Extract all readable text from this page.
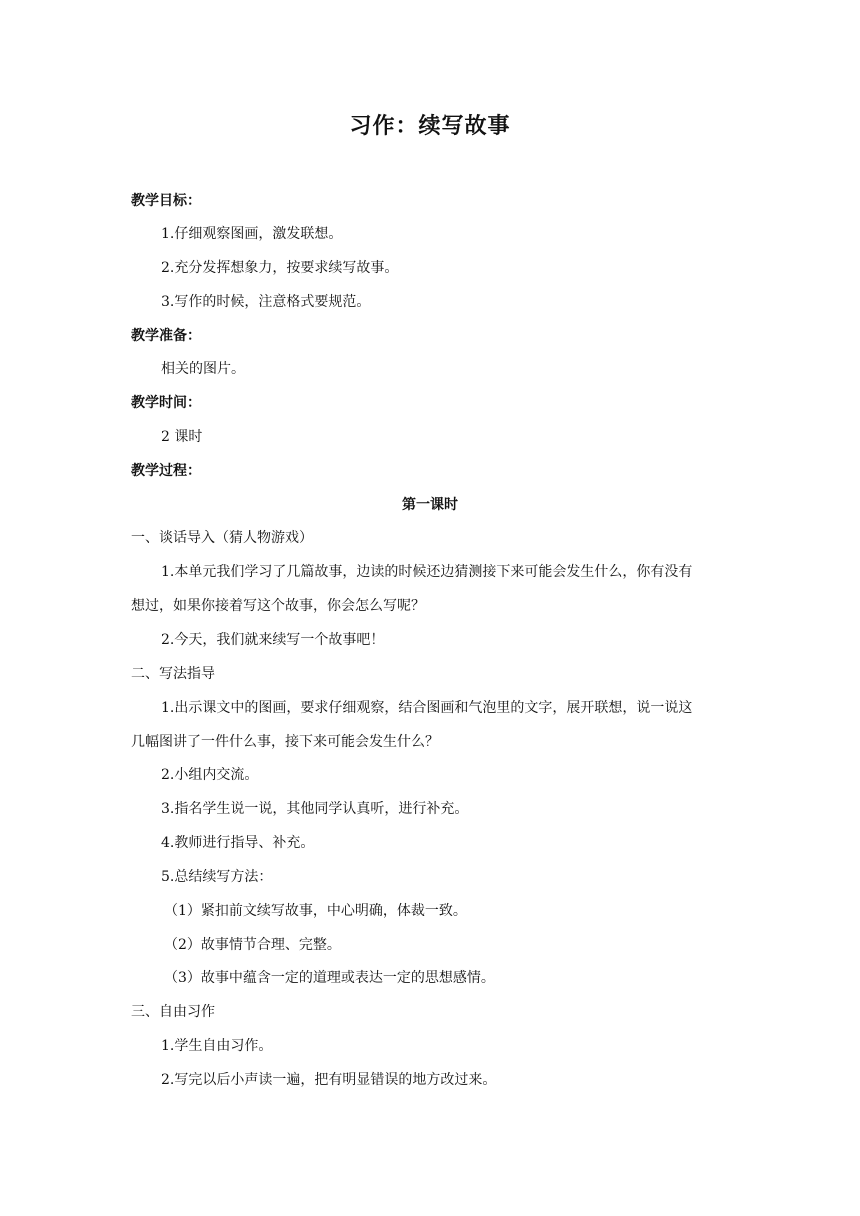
习作：续写故事
教学目标：
1.仔细观察图画，激发联想。
2.充分发挥想象力，按要求续写故事。
3.写作的时候，注意格式要规范。
教学准备：
相关的图片。
教学时间：
2 课时
教学过程：
第一课时
一、谈话导入（猜人物游戏）
1.本单元我们学习了几篇故事，边读的时候还边猜测接下来可能会发生什么，你有没有
想过，如果你接着写这个故事，你会怎么写呢？
2.今天，我们就来续写一个故事吧！
二、写法指导
1.出示课文中的图画，要求仔细观察，结合图画和气泡里的文字，展开联想，说一说这
几幅图讲了一件什么事，接下来可能会发生什么？
2.小组内交流。
3.指名学生说一说，其他同学认真听，进行补充。
4.教师进行指导、补充。
5.总结续写方法：
（1）紧扣前文续写故事，中心明确，体裁一致。
（2）故事情节合理、完整。
（3）故事中蕴含一定的道理或表达一定的思想感情。
三、自由习作
1.学生自由习作。
2.写完以后小声读一遍，把有明显错误的地方改过来。
